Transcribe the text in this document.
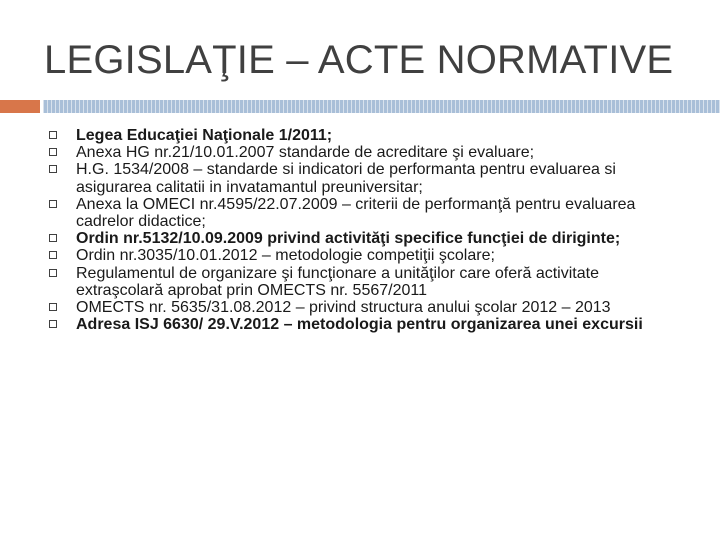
LEGISLAŢIE – ACTE NORMATIVE
Legea Educaţiei Naţionale 1/2011;
Anexa HG nr.21/10.01.2007 standarde de acreditare şi evaluare;
H.G. 1534/2008 – standarde si indicatori de performanta pentru evaluarea si asigurarea calitatii in invatamantul preuniversitar;
Anexa la OMECI nr.4595/22.07.2009 – criterii de performanţă pentru evaluarea cadrelor didactice;
Ordin nr.5132/10.09.2009 privind activităţi specifice funcţiei de diriginte;
Ordin nr.3035/10.01.2012 – metodologie competiţii şcolare;
Regulamentul de organizare şi funcţionare a unităţilor care oferă activitate extraşcolară aprobat prin OMECTS nr. 5567/2011
OMECTS nr. 5635/31.08.2012 – privind structura anului şcolar 2012 – 2013
Adresa ISJ 6630/ 29.V.2012 – metodologia pentru organizarea unei excursii
